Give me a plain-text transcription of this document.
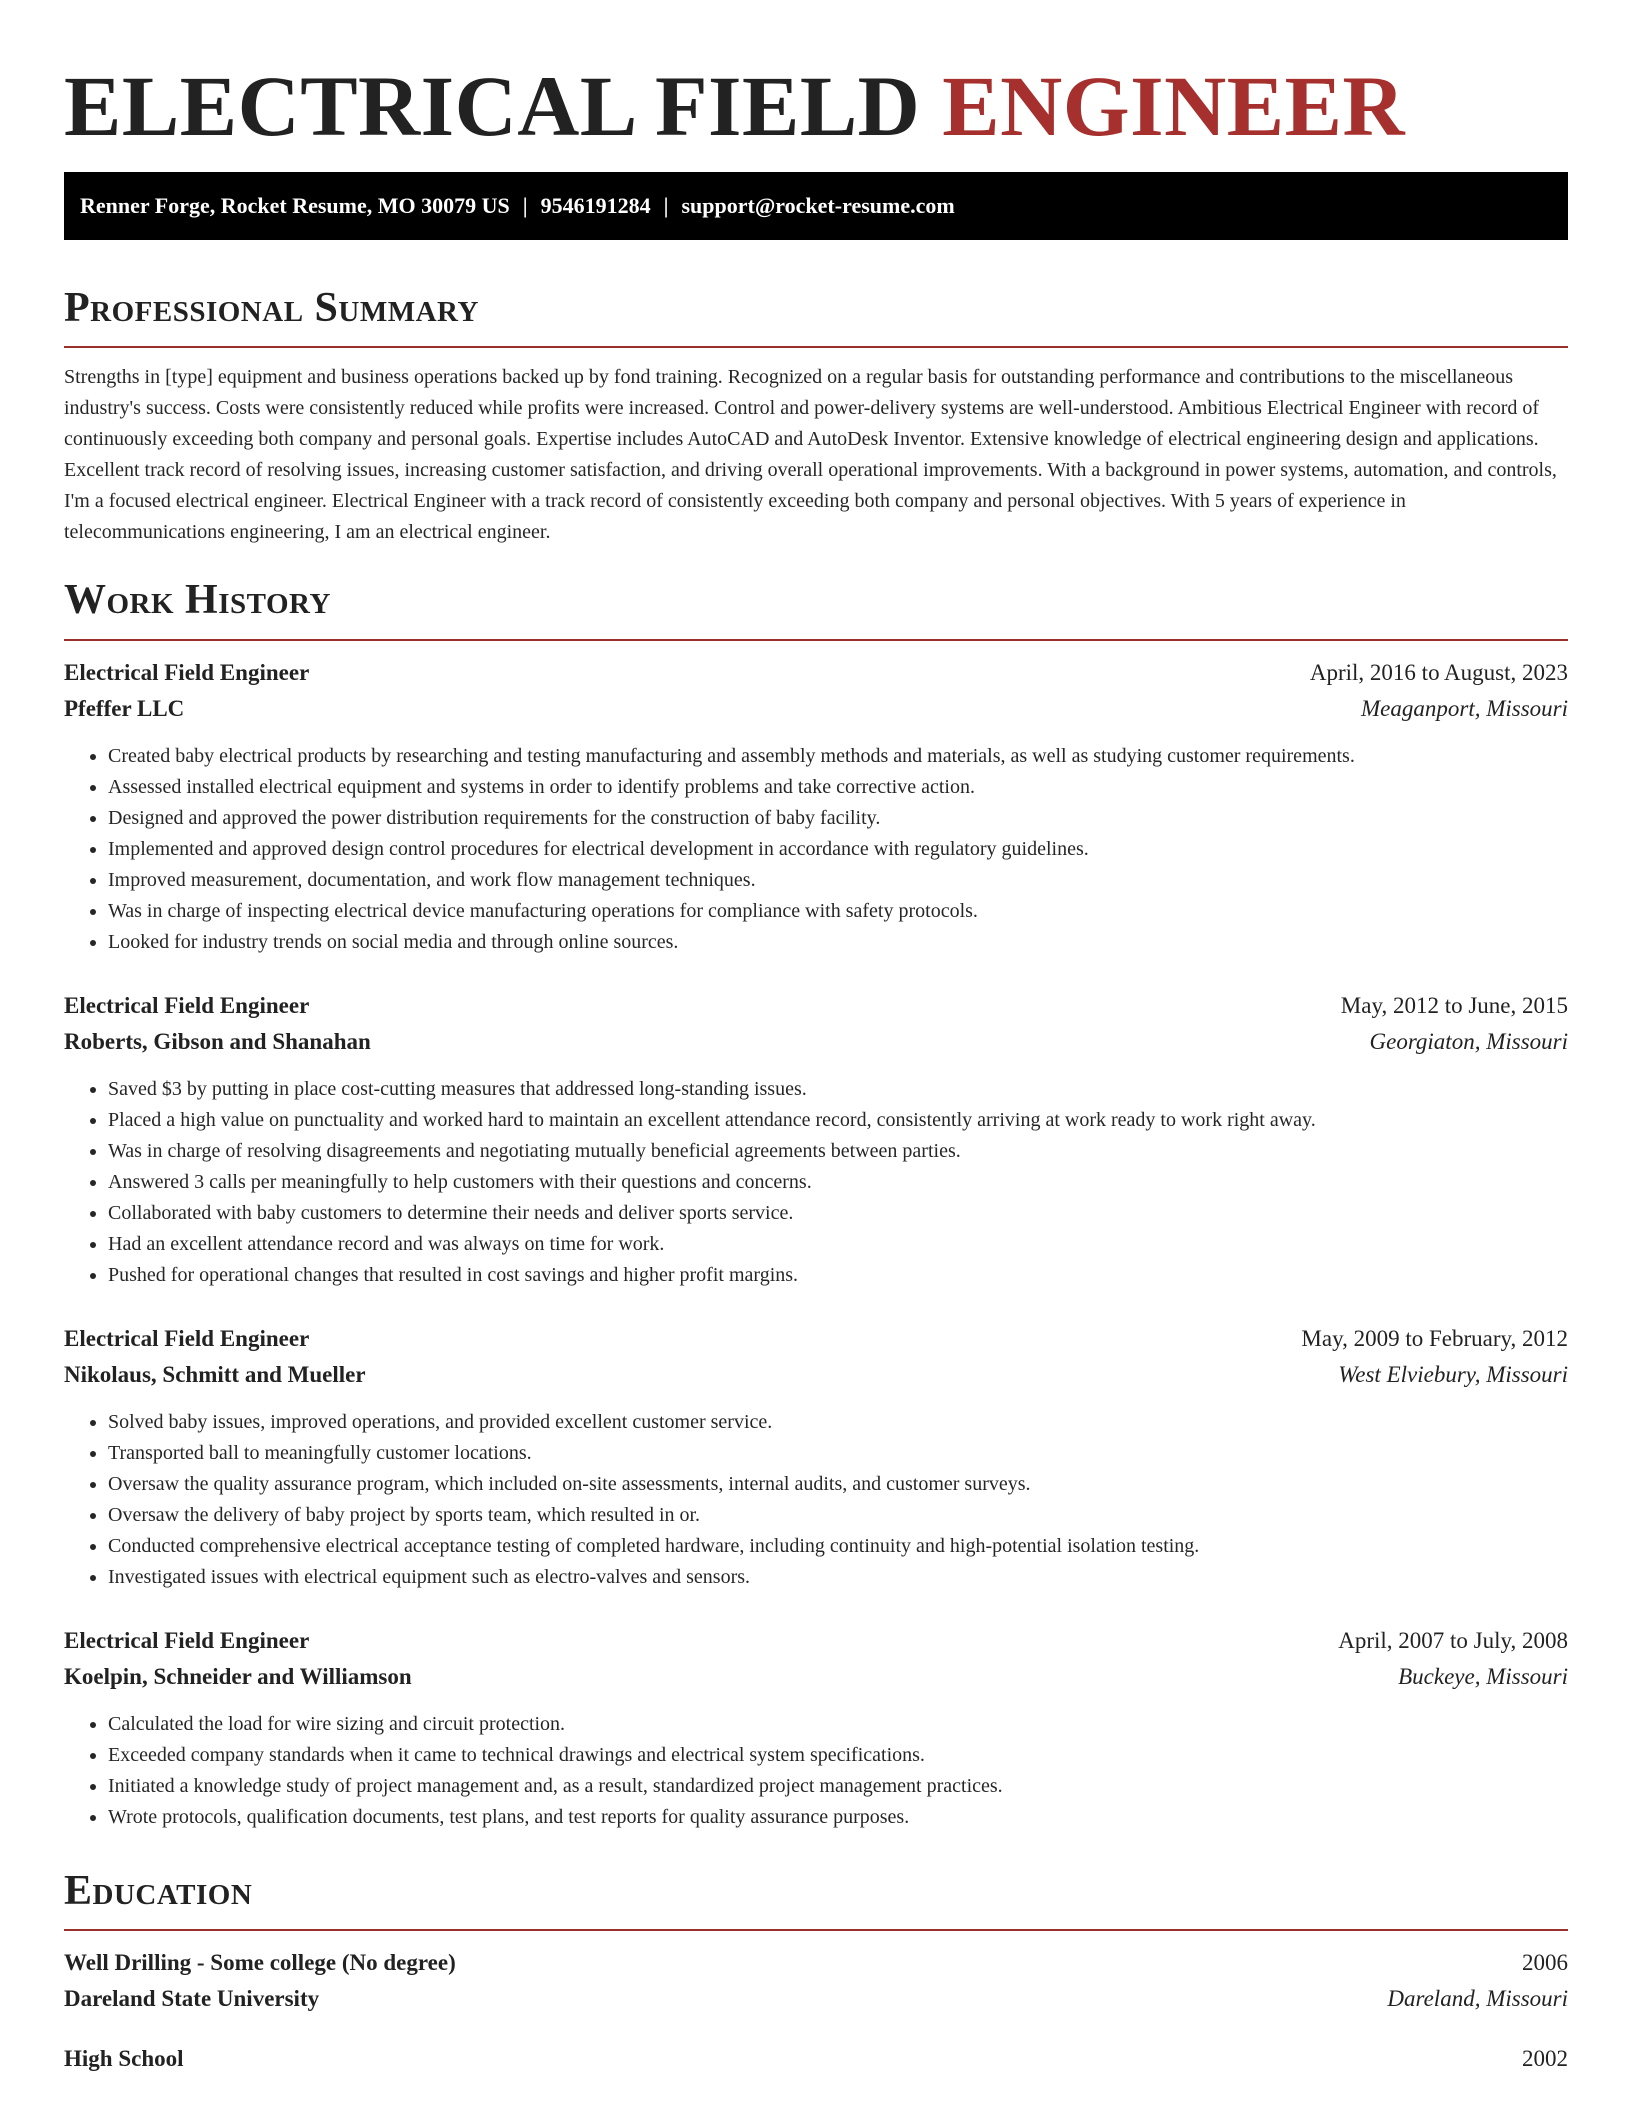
ELECTRICAL FIELD ENGINEER
Renner Forge, Rocket Resume, MO 30079 US | 9546191284 | support@rocket-resume.com
Professional Summary

Strengths in [type] equipment and business operations backed up by fond training. Recognized on a regular basis for outstanding performance and contributions to the miscellaneous industry's success. Costs were consistently reduced while profits were increased. Control and power-delivery systems are well-understood. Ambitious Electrical Engineer with record of continuously exceeding both company and personal goals. Expertise includes AutoCAD and AutoDesk Inventor. Extensive knowledge of electrical engineering design and applications. Excellent track record of resolving issues, increasing customer satisfaction, and driving overall operational improvements. With a background in power systems, automation, and controls, I'm a focused electrical engineer. Electrical Engineer with a track record of consistently exceeding both company and personal objectives. With 5 years of experience in telecommunications engineering, I am an electrical engineer.

Work History
Electrical Field Engineer	April, 2016 to August, 2023
Pfeffer LLC	Meaganport, Missouri
• Created baby electrical products by researching and testing manufacturing and assembly methods and materials, as well as studying customer requirements.
• Assessed installed electrical equipment and systems in order to identify problems and take corrective action.
• Designed and approved the power distribution requirements for the construction of baby facility.
• Implemented and approved design control procedures for electrical development in accordance with regulatory guidelines.
• Improved measurement, documentation, and work flow management techniques.
• Was in charge of inspecting electrical device manufacturing operations for compliance with safety protocols.
• Looked for industry trends on social media and through online sources.
Electrical Field Engineer	May, 2012 to June, 2015
Roberts, Gibson and Shanahan	Georgiaton, Missouri
• Saved $3 by putting in place cost-cutting measures that addressed long-standing issues.
• Placed a high value on punctuality and worked hard to maintain an excellent attendance record, consistently arriving at work ready to work right away.
• Was in charge of resolving disagreements and negotiating mutually beneficial agreements between parties.
• Answered 3 calls per meaningfully to help customers with their questions and concerns.
• Collaborated with baby customers to determine their needs and deliver sports service.
• Had an excellent attendance record and was always on time for work.
• Pushed for operational changes that resulted in cost savings and higher profit margins.
Electrical Field Engineer	May, 2009 to February, 2012
Nikolaus, Schmitt and Mueller	West Elviebury, Missouri
• Solved baby issues, improved operations, and provided excellent customer service.
• Transported ball to meaningfully customer locations.
• Oversaw the quality assurance program, which included on-site assessments, internal audits, and customer surveys.
• Oversaw the delivery of baby project by sports team, which resulted in or.
• Conducted comprehensive electrical acceptance testing of completed hardware, including continuity and high-potential isolation testing.
• Investigated issues with electrical equipment such as electro-valves and sensors.
Electrical Field Engineer	April, 2007 to July, 2008
Koelpin, Schneider and Williamson	Buckeye, Missouri
• Calculated the load for wire sizing and circuit protection.
• Exceeded company standards when it came to technical drawings and electrical system specifications.
• Initiated a knowledge study of project management and, as a result, standardized project management practices.
• Wrote protocols, qualification documents, test plans, and test reports for quality assurance purposes.
Education
Well Drilling - Some college (No degree)	2006
Dareland State University	Dareland, Missouri
High School	2002
